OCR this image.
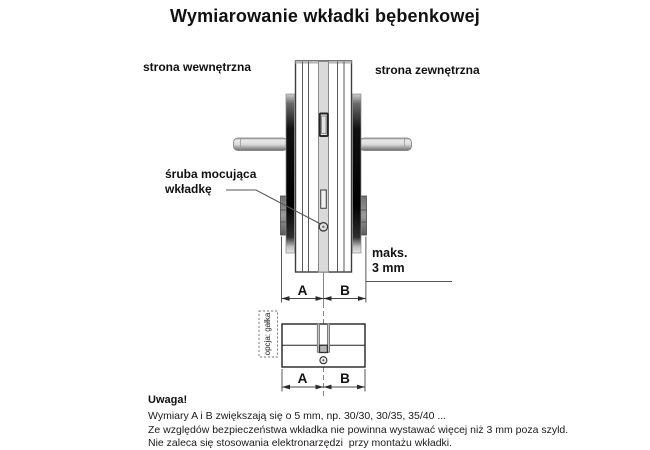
Wymiarowanie wkładki bębenkowej
strona wewnętrzna	strona zewnętrzna
śruba mocująca
wkładkę
maks.
3 mm
A	B
A	B
opcja: gałka
Uwaga!
Wymiary A i B zwiększają się o 5 mm, np. 30/30, 30/35, 35/40 ...
Ze względów bezpieczeństwa wkładka nie powinna wystawać więcej niż 3 mm poza szyld.
Nie zaleca się stosowania elektronarzędzi  przy montażu wkładki.
